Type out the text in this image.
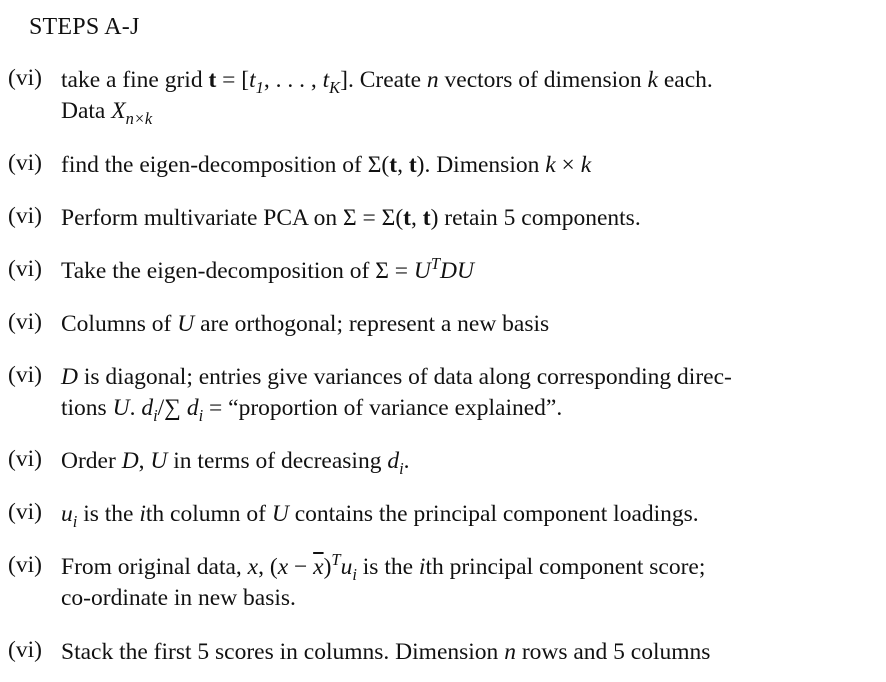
STEPS A-J
(vi) take a fine grid $t = [t_1$, . . . , $t_K$]. Create n vectors of dimension k each.
Data $X_{n\times k}$
(vi) find the eigen-decomposition of Σ(t, t). Dimension k × k
(vi) Perform multivariate PCA on Σ = Σ(t, t) retain 5 components.
(vi) Take the eigen-decomposition of $\Sigma = U^TDU$
(vi) Columns of U are orthogonal; represent a new basis
(vi) D is diagonal; entries give variances of data along corresponding direc-
tions U. $d_i/\sum$ $d_i$ = “proportion of variance explained”.
(vi) Order D, U in terms of decreasing $d_i$.
(vi) $u_i$ is the ith column of U contains the principal component loadings.
(vi) From original data, x, $(x - \overline{x})^Tu_i$ is the ith principal component score;
co-ordinate in new basis.
(vi) Stack the first 5 scores in columns. Dimension n rows and 5 columns
